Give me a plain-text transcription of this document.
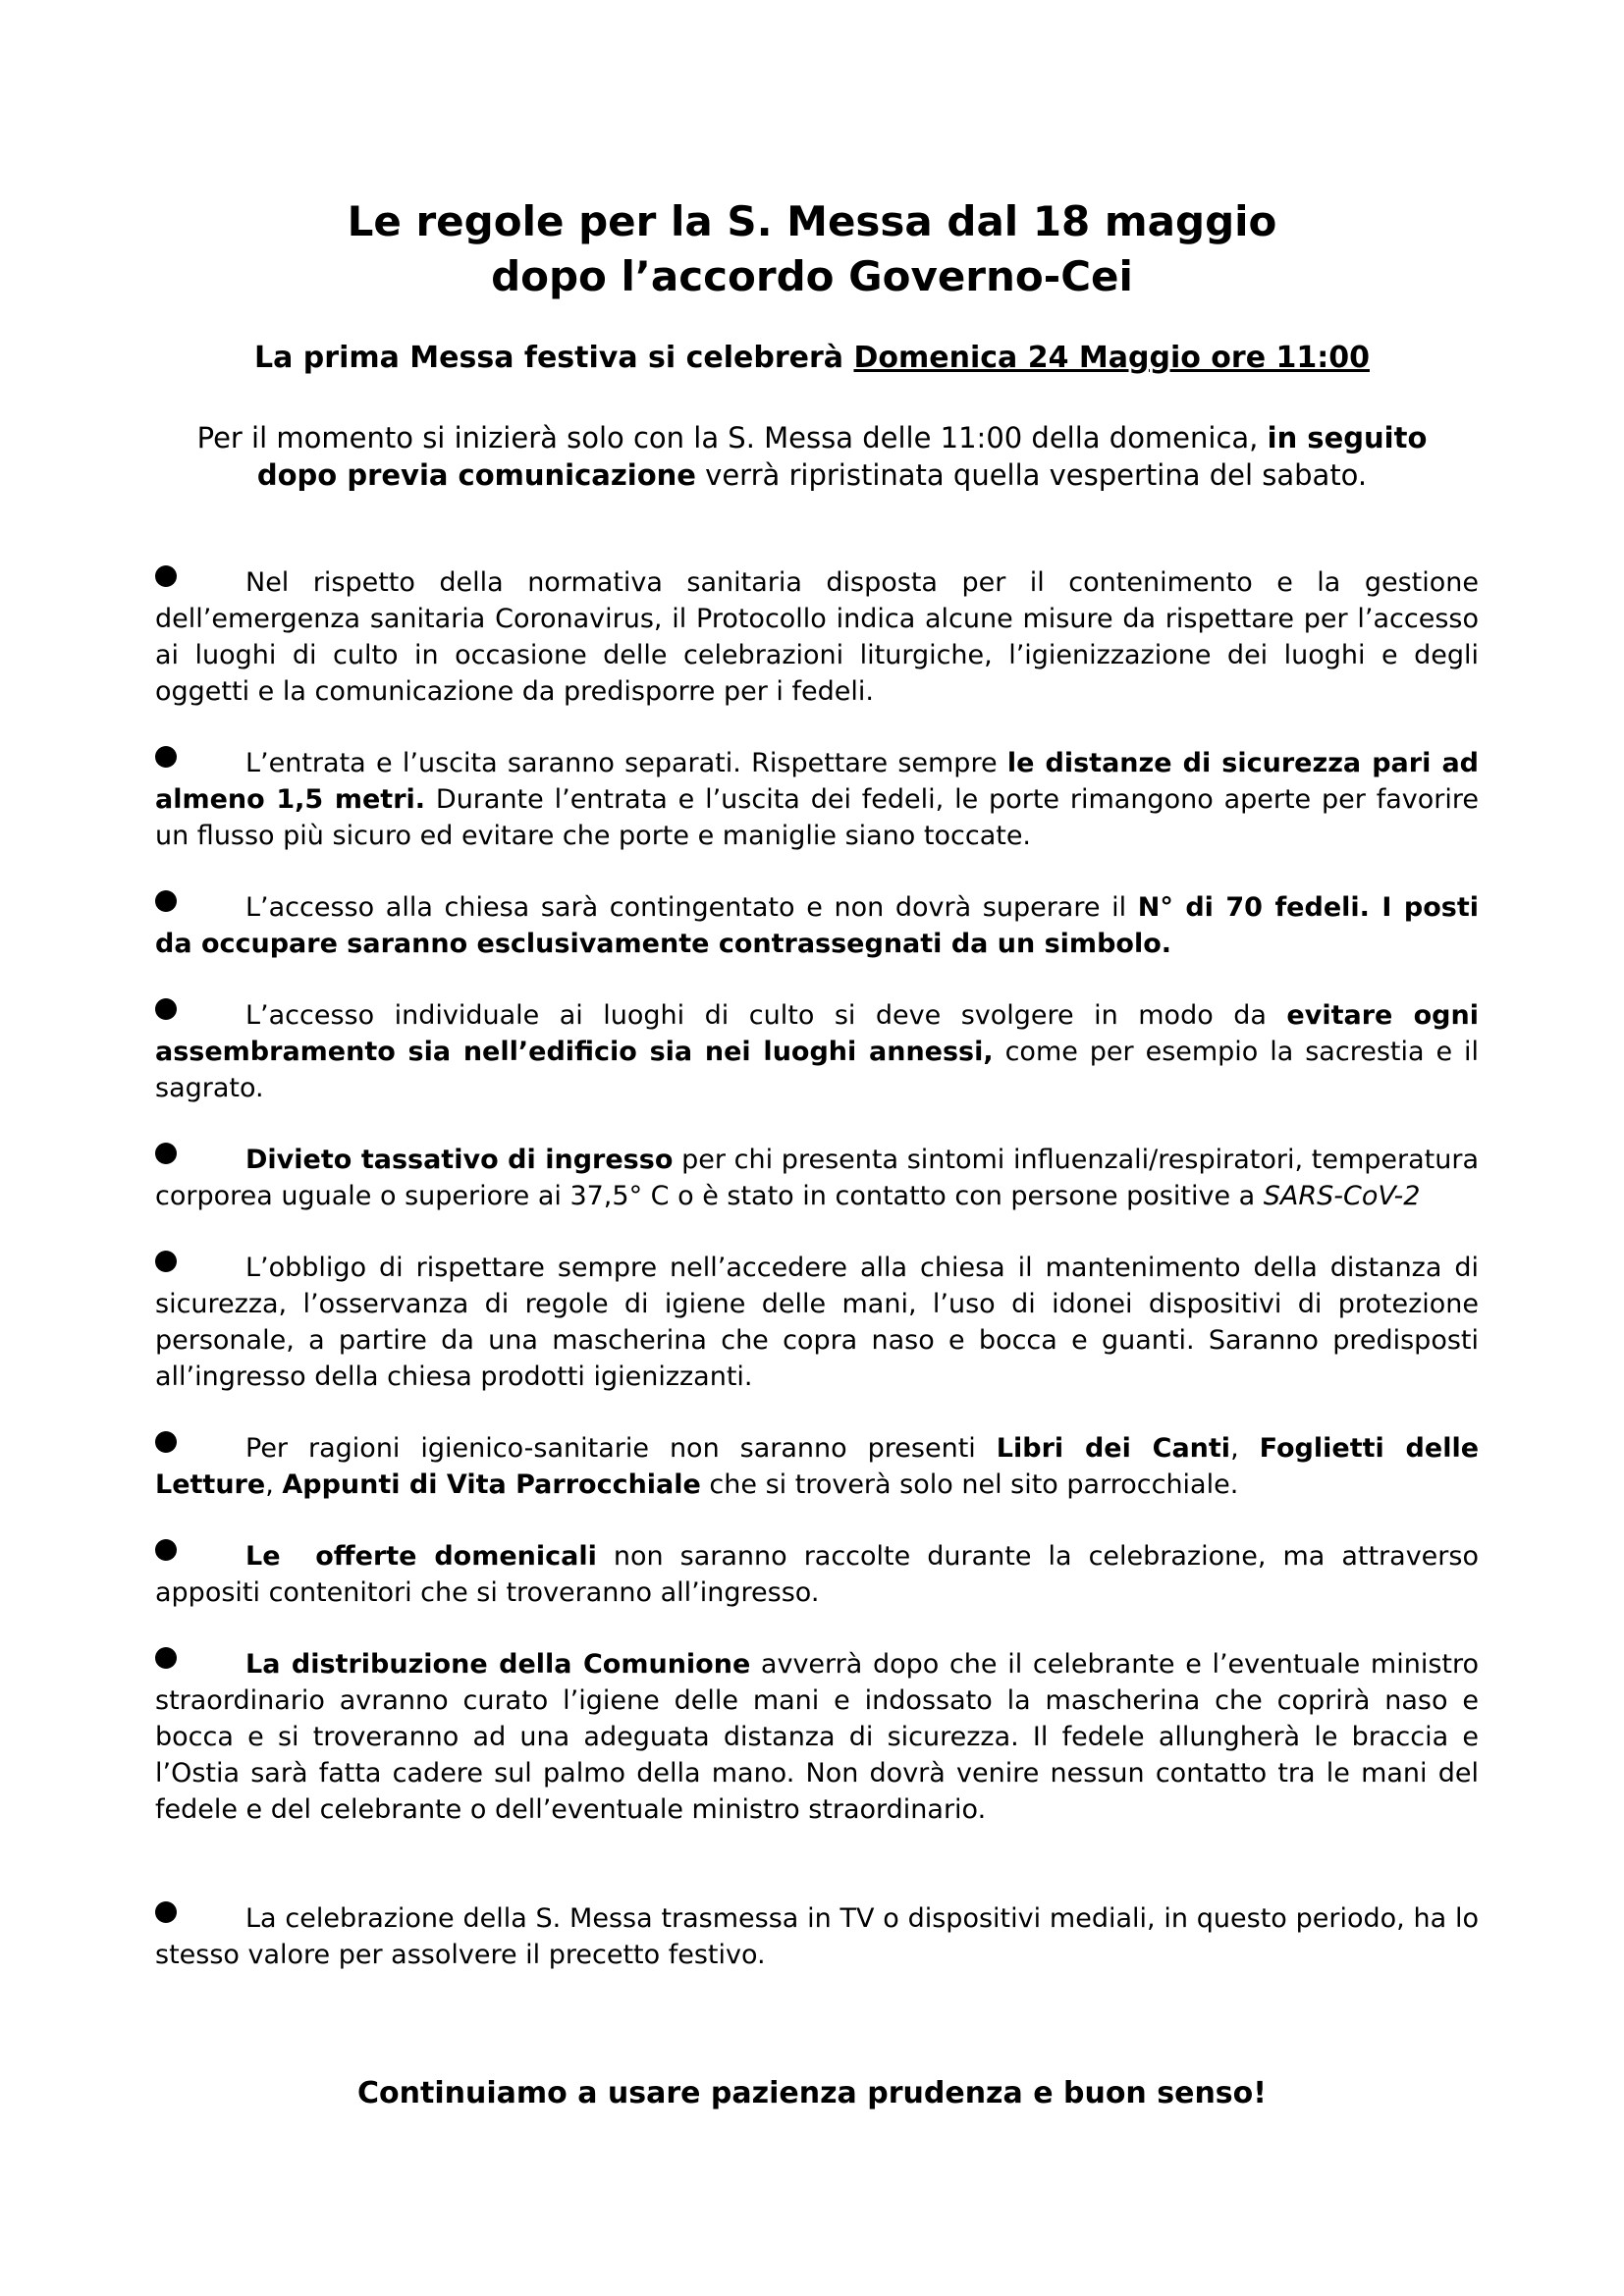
Le regole per la S. Messa dal 18 maggio
dopo l’accordo Governo-Cei

La prima Messa festiva si celebrerà Domenica 24 Maggio ore 11:00

Per il momento si inizierà solo con la S. Messa delle 11:00 della domenica, in seguito dopo previa comunicazione verrà ripristinata quella vespertina del sabato.

Nel rispetto della normativa sanitaria disposta per il contenimento e la gestione dell’emergenza sanitaria Coronavirus, il Protocollo indica alcune misure da rispettare per l’accesso ai luoghi di culto in occasione delle celebrazioni liturgiche, l’igienizzazione dei luoghi e degli oggetti e la comunicazione da predisporre per i fedeli.

L’entrata e l’uscita saranno separati. Rispettare sempre le distanze di sicurezza pari ad almeno 1,5 metri. Durante l’entrata e l’uscita dei fedeli, le porte rimangono aperte per favorire un flusso più sicuro ed evitare che porte e maniglie siano toccate.

L’accesso alla chiesa sarà contingentato e non dovrà superare il N° di 70 fedeli. I posti da occupare saranno esclusivamente contrassegnati da un simbolo.

L’accesso individuale ai luoghi di culto si deve svolgere in modo da evitare ogni assembramento sia nell’edificio sia nei luoghi annessi, come per esempio la sacrestia e il sagrato.

Divieto tassativo di ingresso per chi presenta sintomi influenzali/respiratori, temperatura corporea uguale o superiore ai 37,5° C o è stato in contatto con persone positive a SARS-CoV-2

L’obbligo di rispettare sempre nell’accedere alla chiesa il mantenimento della distanza di sicurezza, l’osservanza di regole di igiene delle mani, l’uso di idonei dispositivi di protezione personale, a partire da una mascherina che copra naso e bocca e guanti. Saranno predisposti all’ingresso della chiesa prodotti igienizzanti.

Per ragioni igienico-sanitarie non saranno presenti Libri dei Canti, Foglietti delle Letture, Appunti di Vita Parrocchiale che si troverà solo nel sito parrocchiale.

Le  offerte domenicali non saranno raccolte durante la celebrazione, ma attraverso appositi contenitori che si troveranno all’ingresso.

La distribuzione della Comunione avverrà dopo che il celebrante e l’eventuale ministro straordinario avranno curato l’igiene delle mani e indossato la mascherina che coprirà naso e bocca e si troveranno ad una adeguata distanza di sicurezza. Il fedele allungherà le braccia e l’Ostia sarà fatta cadere sul palmo della mano. Non dovrà venire nessun contatto tra le mani del fedele e del celebrante o dell’eventuale ministro straordinario.

La celebrazione della S. Messa trasmessa in TV o dispositivi mediali, in questo periodo, ha lo stesso valore per assolvere il precetto festivo.

Continuiamo a usare pazienza prudenza e buon senso!
